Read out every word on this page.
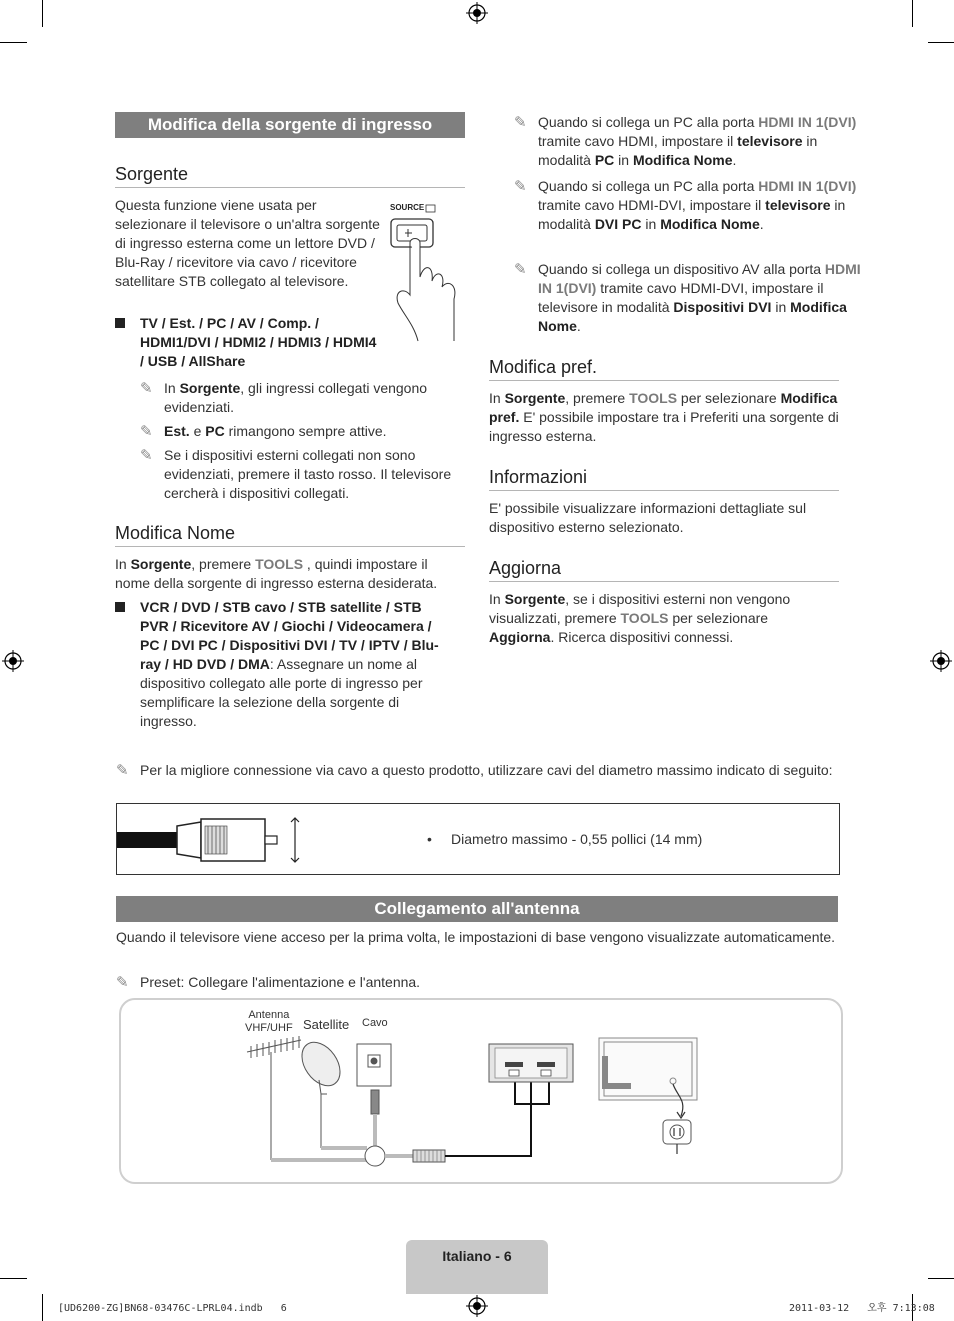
Modifica della sorgente di ingresso
Sorgente

Questa funzione viene usata per selezionare il televisore o un'altra sorgente di ingresso esterna come un lettore DVD / Blu-Ray / ricevitore via cavo / ricevitore satellitare STB collegato al televisore.

SOURCE

TV / Est. / PC / AV / Comp. / HDMI1/DVI / HDMI2 / HDMI3 / HDMI4 / USB / AllShare

✎ In Sorgente, gli ingressi collegati vengono evidenziati.

✎ Est. e PC rimangono sempre attive.

✎ Se i dispositivi esterni collegati non sono evidenziati, premere il tasto rosso. Il televisore cercherà i dispositivi collegati.

Modifica Nome

In Sorgente, premere TOOLS , quindi impostare il nome della sorgente di ingresso esterna desiderata.

VCR / DVD / STB cavo / STB satellite / STB PVR / Ricevitore AV / Giochi / Videocamera / PC / DVI PC / Dispositivi DVI / TV / IPTV / Blu-ray / HD DVD / DMA: Assegnare un nome al dispositivo collegato alle porte di ingresso per semplificare la selezione della sorgente di ingresso.

✎ Quando si collega un PC alla porta HDMI IN 1(DVI) tramite cavo HDMI, impostare il televisore in modalità PC in Modifica Nome.

✎ Quando si collega un PC alla porta HDMI IN 1(DVI) tramite cavo HDMI-DVI, impostare il televisore in modalità DVI PC in Modifica Nome.

✎ Quando si collega un dispositivo AV alla porta HDMI IN 1(DVI) tramite cavo HDMI-DVI, impostare il televisore in modalità Dispositivi DVI in Modifica Nome.

Modifica pref.

In Sorgente, premere TOOLS per selezionare Modifica pref. E' possibile impostare tra i Preferiti una sorgente di ingresso esterna.

Informazioni

E' possibile visualizzare informazioni dettagliate sul dispositivo esterno selezionato.

Aggiorna

In Sorgente, se i dispositivi esterni non vengono visualizzati, premere TOOLS per selezionare Aggiorna. Ricerca dispositivi connessi.

✎ Per la migliore connessione via cavo a questo prodotto, utilizzare cavi del diametro massimo indicato di seguito:

• Diametro massimo - 0,55 pollici (14 mm)
Collegamento all'antenna

Quando il televisore viene acceso per la prima volta, le impostazioni di base vengono visualizzate automaticamente.

✎ Preset: Collegare l'alimentazione e l'antenna.

Antenna
VHF/UHF Satellite Cavo
Italiano - 6
[UD6200-ZG]BN68-03476C-LPRL04.indb   6	2011-03-12   오후 7:13:08
